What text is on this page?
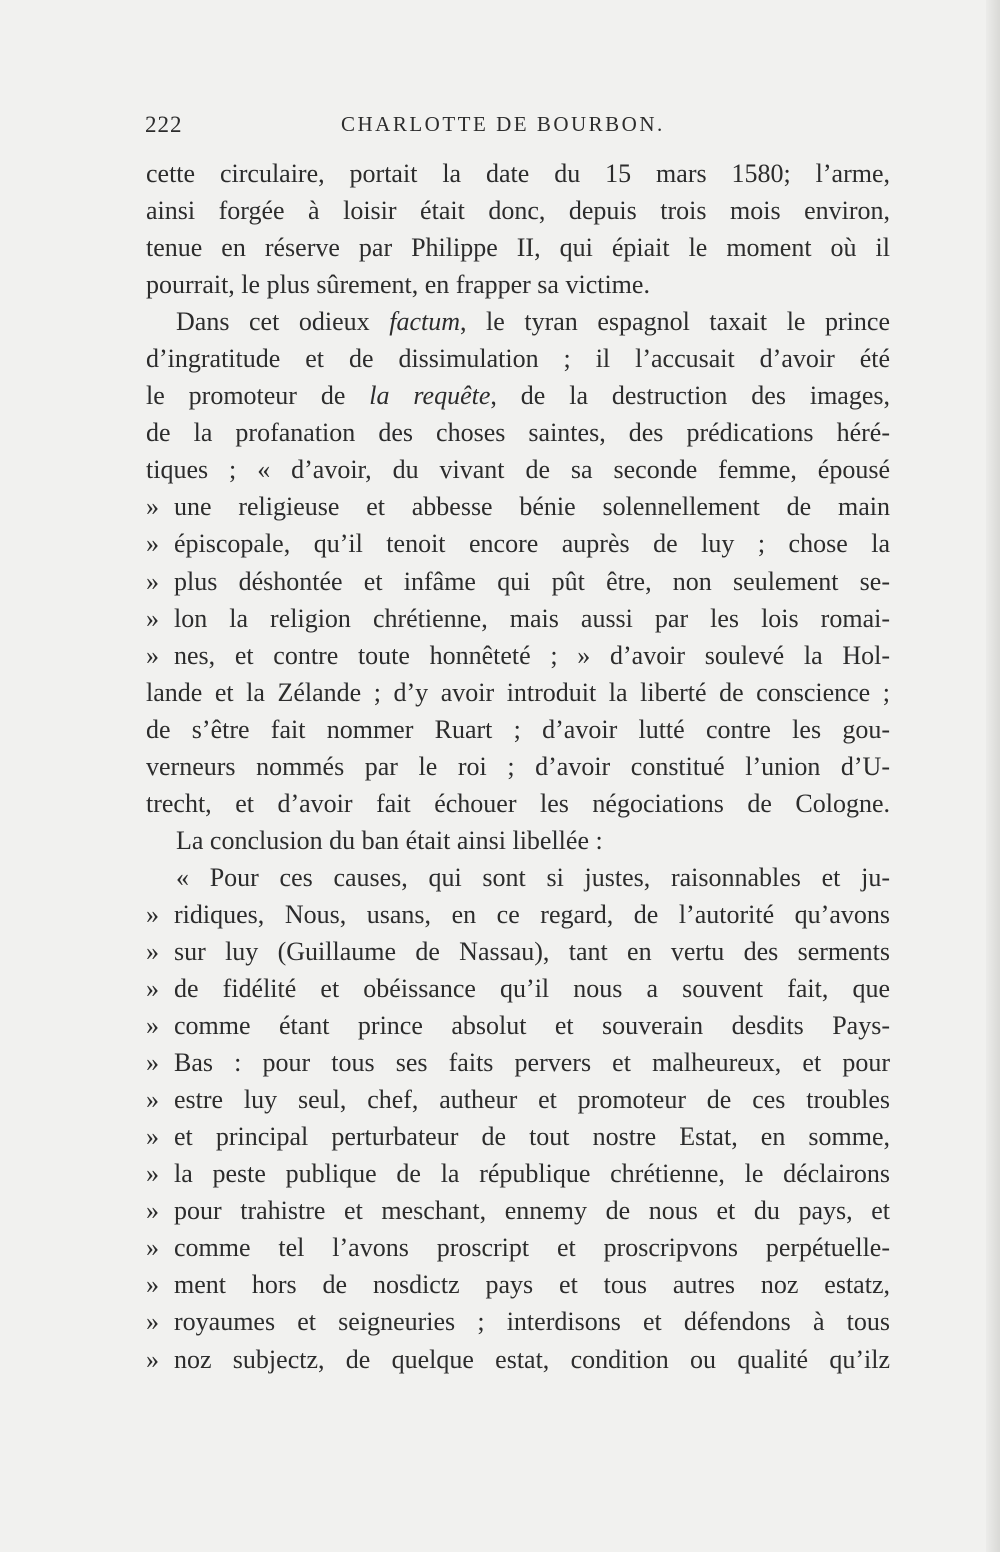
222	CHARLOTTE DE BOURBON.
cette circulaire, portait la date du 15 mars 1580; l’arme,
ainsi forgée à loisir était donc, depuis trois mois environ,
tenue en réserve par Philippe II, qui épiait le moment où il
pourrait, le plus sûrement, en frapper sa victime.
Dans cet odieux factum, le tyran espagnol taxait le prince
d’ingratitude et de dissimulation ; il l’accusait d’avoir été
le promoteur de la requête, de la destruction des images,
de la profanation des choses saintes, des prédications héré-
tiques ; « d’avoir, du vivant de sa seconde femme, épousé
» une religieuse et abbesse bénie solennellement de main
» épiscopale, qu’il tenoit encore auprès de luy ; chose la
» plus déshontée et infâme qui pût être, non seulement se-
» lon la religion chrétienne, mais aussi par les lois romai-
» nes, et contre toute honnêteté ; » d’avoir soulevé la Hol-
lande et la Zélande ; d’y avoir introduit la liberté de conscience ;
de s’être fait nommer Ruart ; d’avoir lutté contre les gou-
verneurs nommés par le roi ; d’avoir constitué l’union d’U-
trecht, et d’avoir fait échouer les négociations de Cologne.
La conclusion du ban était ainsi libellée :
« Pour ces causes, qui sont si justes, raisonnables et ju-
» ridiques, Nous, usans, en ce regard, de l’autorité qu’avons
» sur luy (Guillaume de Nassau), tant en vertu des serments
» de fidélité et obéissance qu’il nous a souvent fait, que
» comme étant prince absolut et souverain desdits Pays-
» Bas : pour tous ses faits pervers et malheureux, et pour
» estre luy seul, chef, autheur et promoteur de ces troubles
» et principal perturbateur de tout nostre Estat, en somme,
» la peste publique de la république chrétienne, le déclairons
» pour trahistre et meschant, ennemy de nous et du pays, et
» comme tel l’avons proscript et proscripvons perpétuelle-
» ment hors de nosdictz pays et tous autres noz estatz,
» royaumes et seigneuries ; interdisons et défendons à tous
» noz subjectz, de quelque estat, condition ou qualité qu’ilz
